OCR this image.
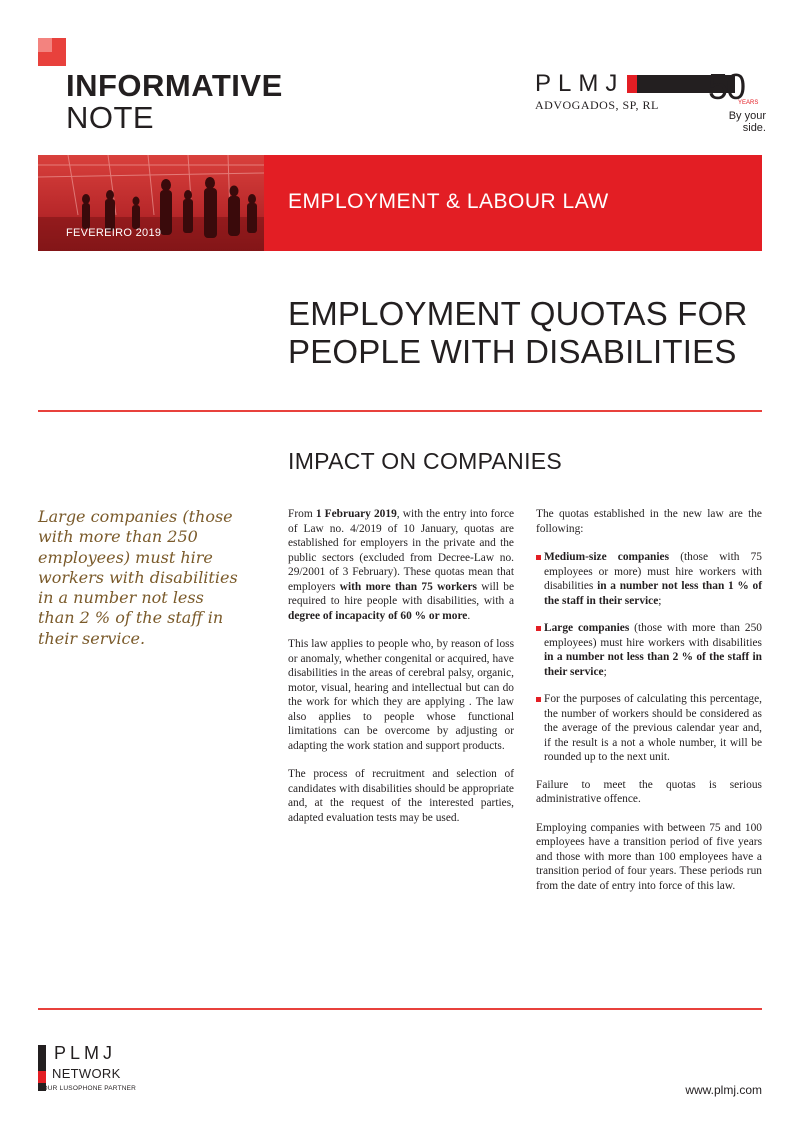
INFORMATIVE
NOTE
PLMJ
ADVOGADOS, SP, RL 50
YEARS
By your
side.
FEVEREIRO 2019
EMPLOYMENT & LABOUR LAW
EMPLOYMENT QUOTAS FOR
PEOPLE WITH DISABILITIES
IMPACT ON COMPANIES
Large companies (those with more than 250 employees) must hire workers with disabilities in a number not less than 2 % of the staff in their service.

From 1 February 2019, with the entry into force of Law no. 4/2019 of 10 January, quotas are established for employers in the private and the public sectors (excluded from Decree-Law no. 29/2001 of 3 February). These quotas mean that employers with more than 75 workers will be required to hire people with disabilities, with a degree of incapacity of 60 % or more.

This law applies to people who, by reason of loss or anomaly, whether congenital or acquired, have disabilities in the areas of cerebral palsy, organic, motor, visual, hearing and intellectual but can do the work for which they are applying . The law also applies to people whose functional limitations can be overcome by adjusting or adapting the work station and support products.

The process of recruitment and selection of candidates with disabilities should be appropriate and, at the request of the interested parties, adapted evaluation tests may be used.

The quotas established in the new law are the following:

Medium-size companies (those with 75 employees or more) must hire workers with disabilities in a number not less than 1 % of the staff in their service;
Large companies (those with more than 250 employees) must hire workers with disabilities in a number not less than 2 % of the staff in their service;
For the purposes of calculating this percentage, the number of workers should be considered as the average of the previous calendar year and, if the result is a not a whole number, it will be rounded up to the next unit.

Failure to meet the quotas is serious administrative offence.

Employing companies with between 75 and 100 employees have a transition period of five years and those with more than 100 employees have a transition period of four years. These periods run from the date of entry into force of this law.

PLMJ
NETWORK
YOUR LUSOPHONE PARTNER	www.plmj.com
